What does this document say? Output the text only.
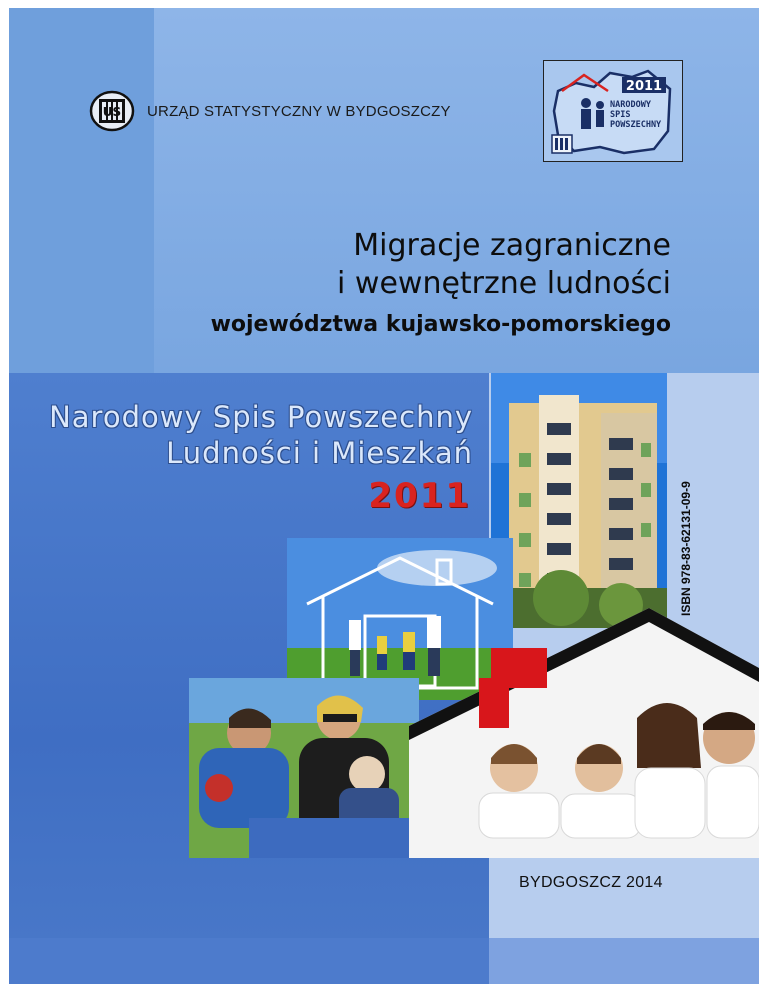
US URZĄD STATYSTYCZNY W BYDGOSZCZY
2011
NARODOWY
SPIS
POWSZECHNY
Migracje zagraniczne
i wewnętrzne ludności
województwa kujawsko-pomorskiego
Narodowy Spis Powszechny
Ludności i Mieszkań
2011	ISBN 978-83-62131-09-9
BYDGOSZCZ 2014
